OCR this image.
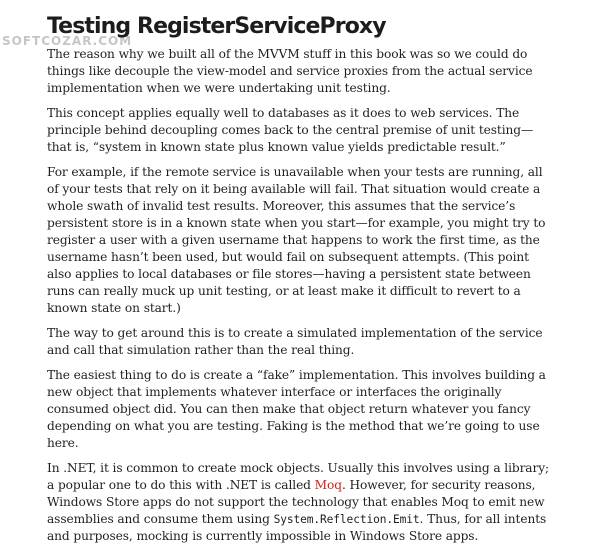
SOFTCOZAR.COM
Testing RegisterServiceProxy

The reason why we built all of the MVVM stuff in this book was so we could do things like decouple the view-model and service proxies from the actual service implementation when we were undertaking unit testing.

This concept applies equally well to databases as it does to web services. The principle behind decoupling comes back to the central premise of unit testing—that is, “system in known state plus known value yields predictable result.”

For example, if the remote service is unavailable when your tests are running, all of your tests that rely on it being available will fail. That situation would create a whole swath of invalid test results. Moreover, this assumes that the service’s persistent store is in a known state when you start—for example, you might try to register a user with a given username that happens to work the first time, as the username hasn’t been used, but would fail on subsequent attempts. (This point also applies to local databases or file stores—having a persistent state between runs can really muck up unit testing, or at least make it difficult to revert to a known state on start.)

The way to get around this is to create a simulated implementation of the service and call that simulation rather than the real thing.

The easiest thing to do is create a “fake” implementation. This involves building a new object that implements whatever interface or interfaces the originally consumed object did. You can then make that object return whatever you fancy depending on what you are testing. Faking is the method that we’re going to use here.

In .NET, it is common to create mock objects. Usually this involves using a library; a popular one to do this with .NET is called Moq. However, for security reasons, Windows Store apps do not support the technology that enables Moq to emit new assemblies and consume them using System.Reflection.Emit. Thus, for all intents and purposes, mocking is currently impossible in Windows Store apps.
